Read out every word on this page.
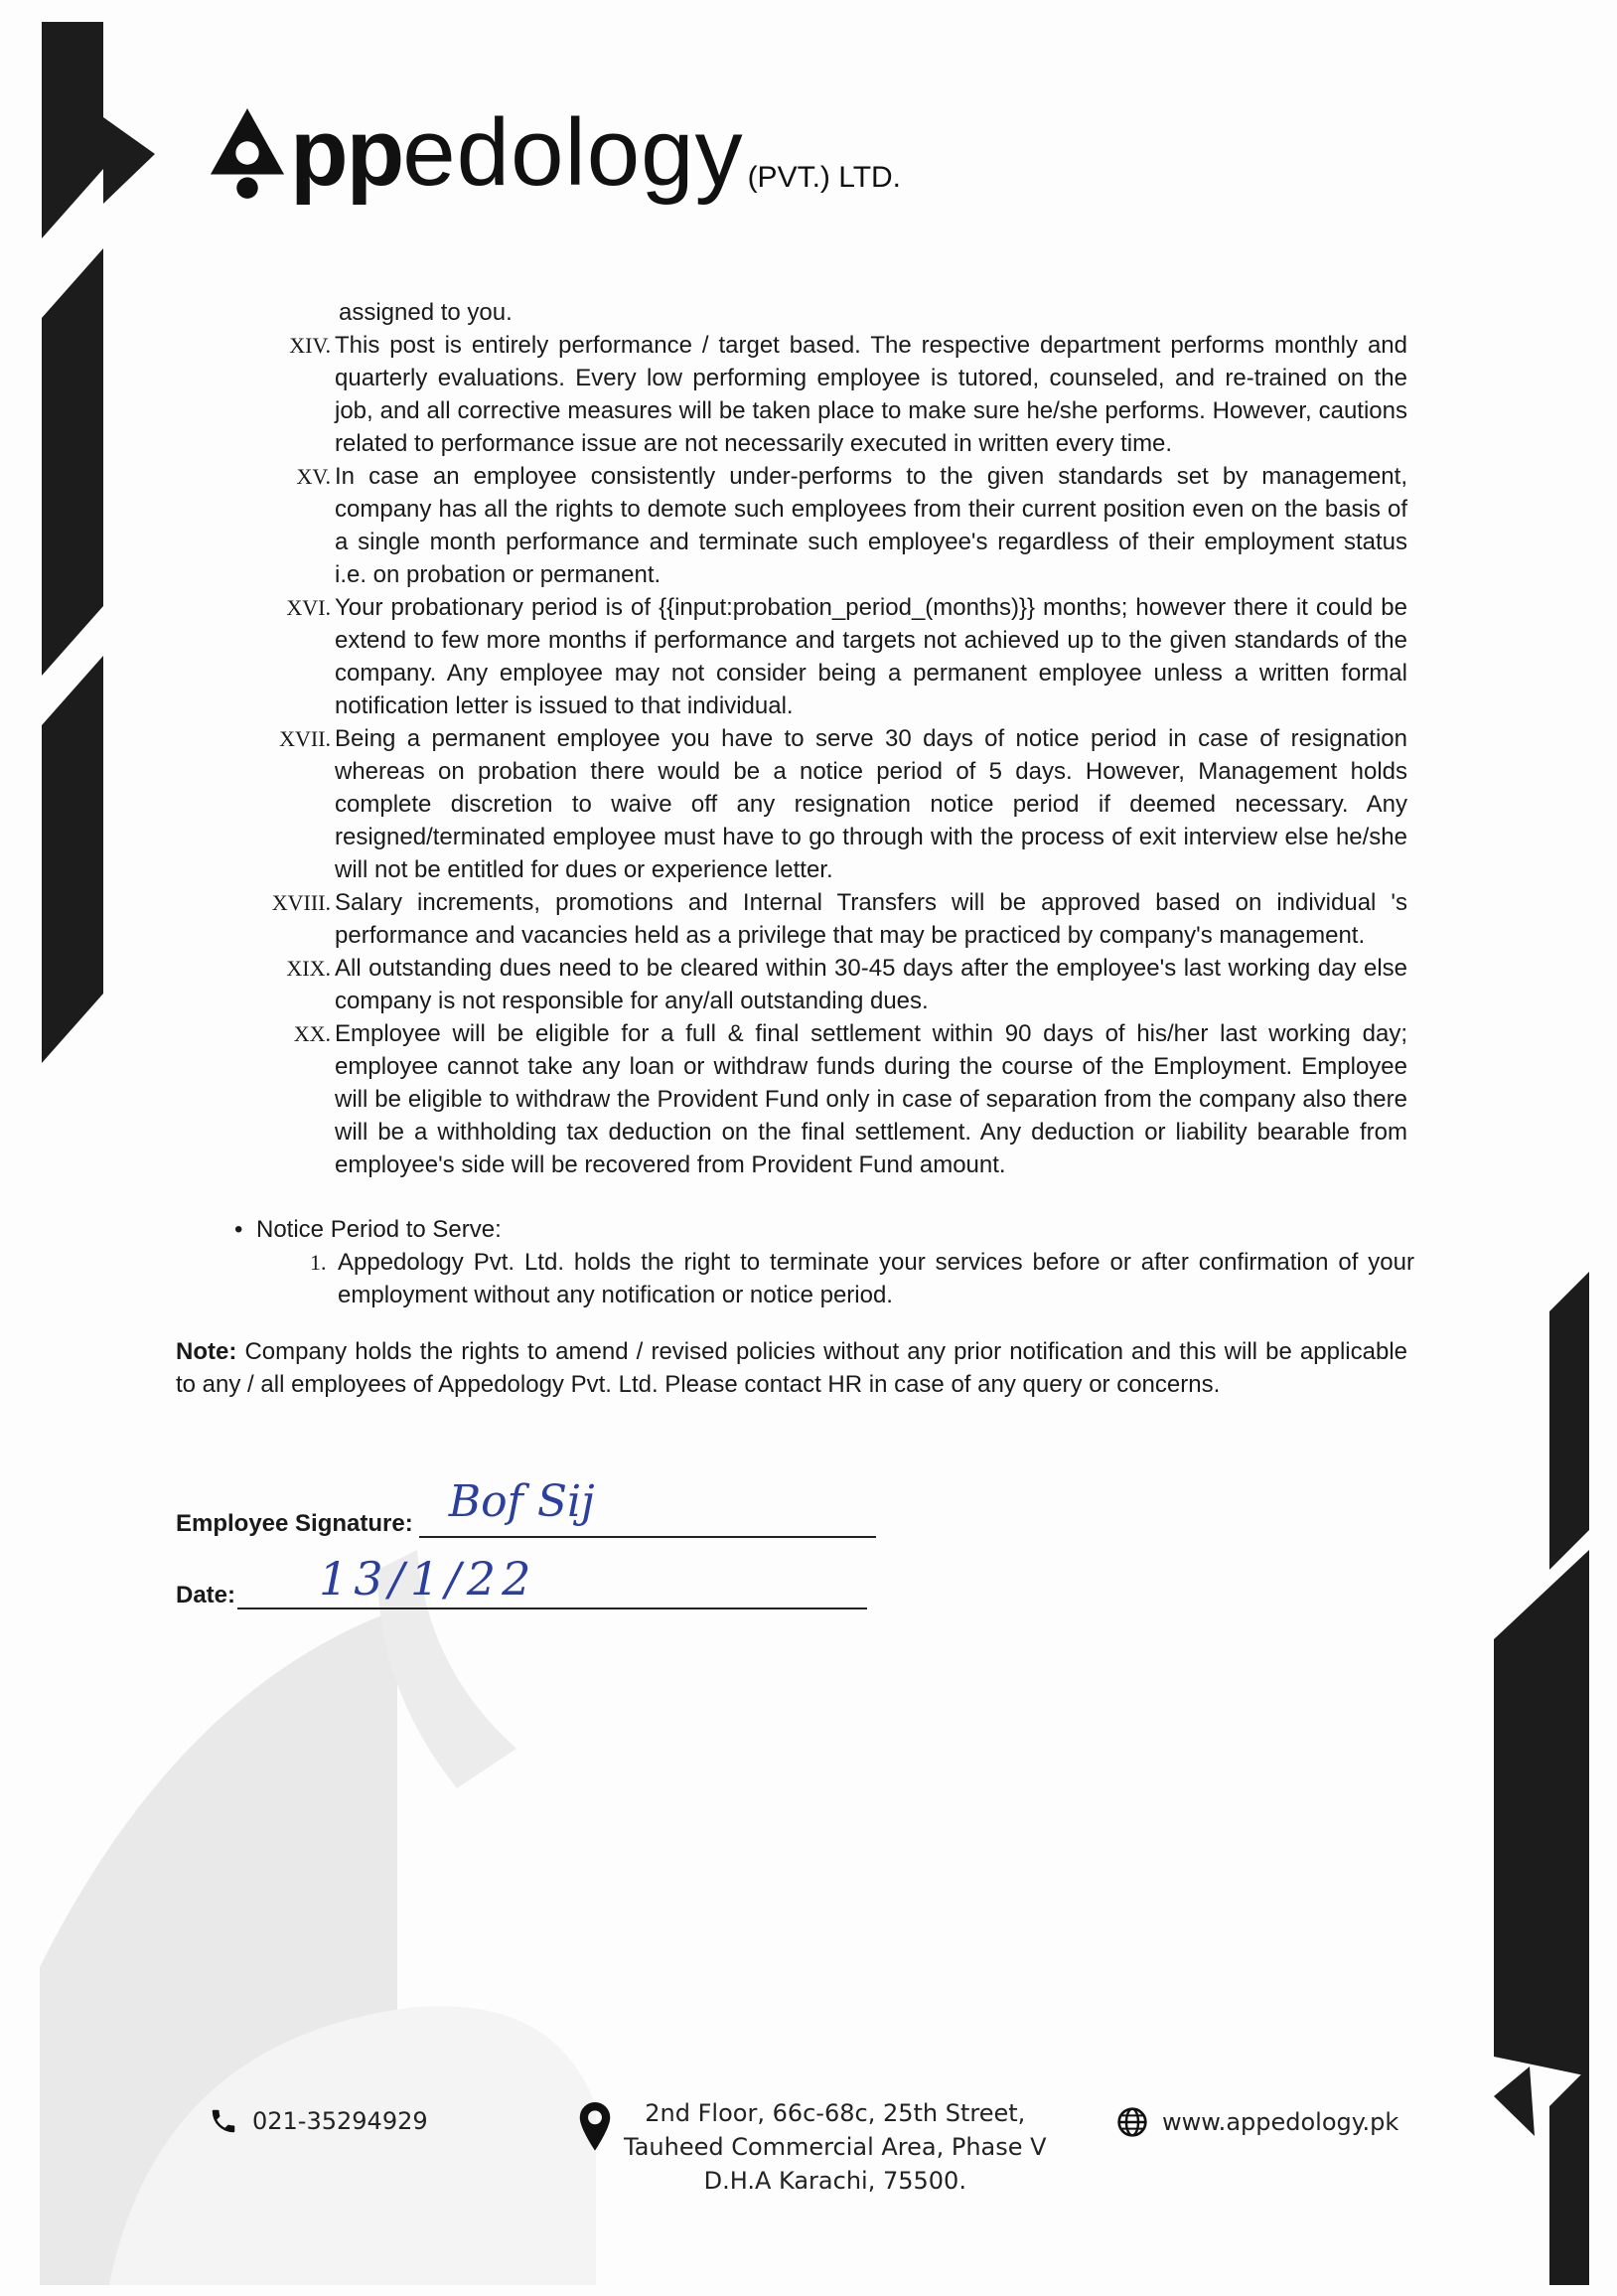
pp edology (PVT.) LTD.
assigned to you.
XIV. This post is entirely performance / target based. The respective department performs monthly and quarterly evaluations. Every low performing employee is tutored, counseled, and re-trained on the job, and all corrective measures will be taken place to make sure he/she performs. However, cautions related to performance issue are not necessarily executed in written every time.
XV. In case an employee consistently under-performs to the given standards set by management, company has all the rights to demote such employees from their current position even on the basis of a single month performance and terminate such employee's regardless of their employment status i.e. on probation or permanent.
XVI. Your probationary period is of {{input:probation_period_(months)}} months; however there it could be extend to few more months if performance and targets not achieved up to the given standards of the company. Any employee may not consider being a permanent employee unless a written formal notification letter is issued to that individual.
XVII. Being a permanent employee you have to serve 30 days of notice period in case of resignation whereas on probation there would be a notice period of 5 days. However, Management holds complete discretion to waive off any resignation notice period if deemed necessary. Any resigned/terminated employee must have to go through with the process of exit interview else he/she will not be entitled for dues or experience letter.
XVIII. Salary increments, promotions and Internal Transfers will be approved based on individual 's performance and vacancies held as a privilege that may be practiced by company's management.
XIX. All outstanding dues need to be cleared within 30-45 days after the employee's last working day else company is not responsible for any/all outstanding dues.
XX. Employee will be eligible for a full & final settlement within 90 days of his/her last working day; employee cannot take any loan or withdraw funds during the course of the Employment. Employee will be eligible to withdraw the Provident Fund only in case of separation from the company also there will be a withholding tax deduction on the final settlement. Any deduction or liability bearable from employee's side will be recovered from Provident Fund amount.
• Notice Period to Serve:
1. Appedology Pvt. Ltd. holds the right to terminate your services before or after confirmation of your employment without any notification or notice period.
Note: Company holds the rights to amend / revised policies without any prior notification and this will be applicable to any / all employees of Appedology Pvt. Ltd. Please contact HR in case of any query or concerns.
Employee Signature: Bof Sij
Date: 13/1/22
021-35294929	2nd Floor, 66c-68c, 25th Street,
Tauheed Commercial Area, Phase V
D.H.A Karachi, 75500.
www.appedology.pk
